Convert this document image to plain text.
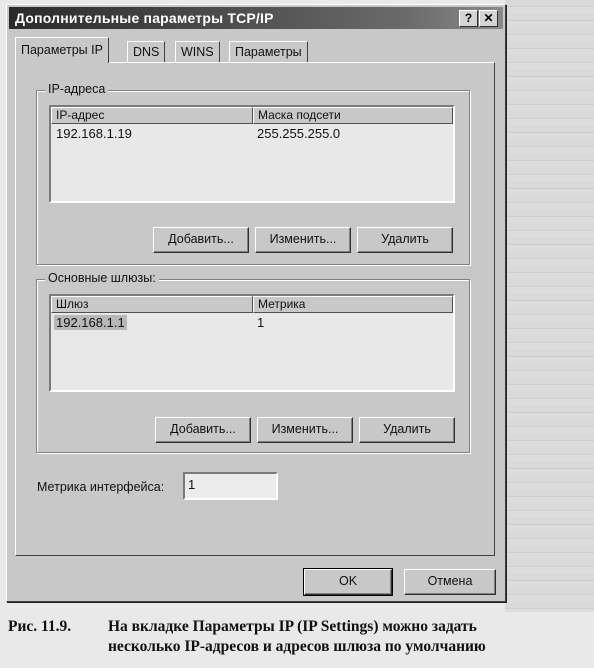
Дополнительные параметры TCP/IP	? ✕
Параметры IP	DNS	WINS	Параметры
IP-адреса
IP-адрес	Маска подсети
192.168.1.19	255.255.255.0
Добавить...	Изменить...	Удалить
Основные шлюзы:
Шлюз	Метрика
192.168.1.1	1
Добавить...	Изменить...	Удалить
Метрика интерфейса:	1
OK	Отмена
Рис. 11.9. На вкладке Параметры IP (IP Settings) можно задать
несколько IP-адресов и адресов шлюза по умолчанию
